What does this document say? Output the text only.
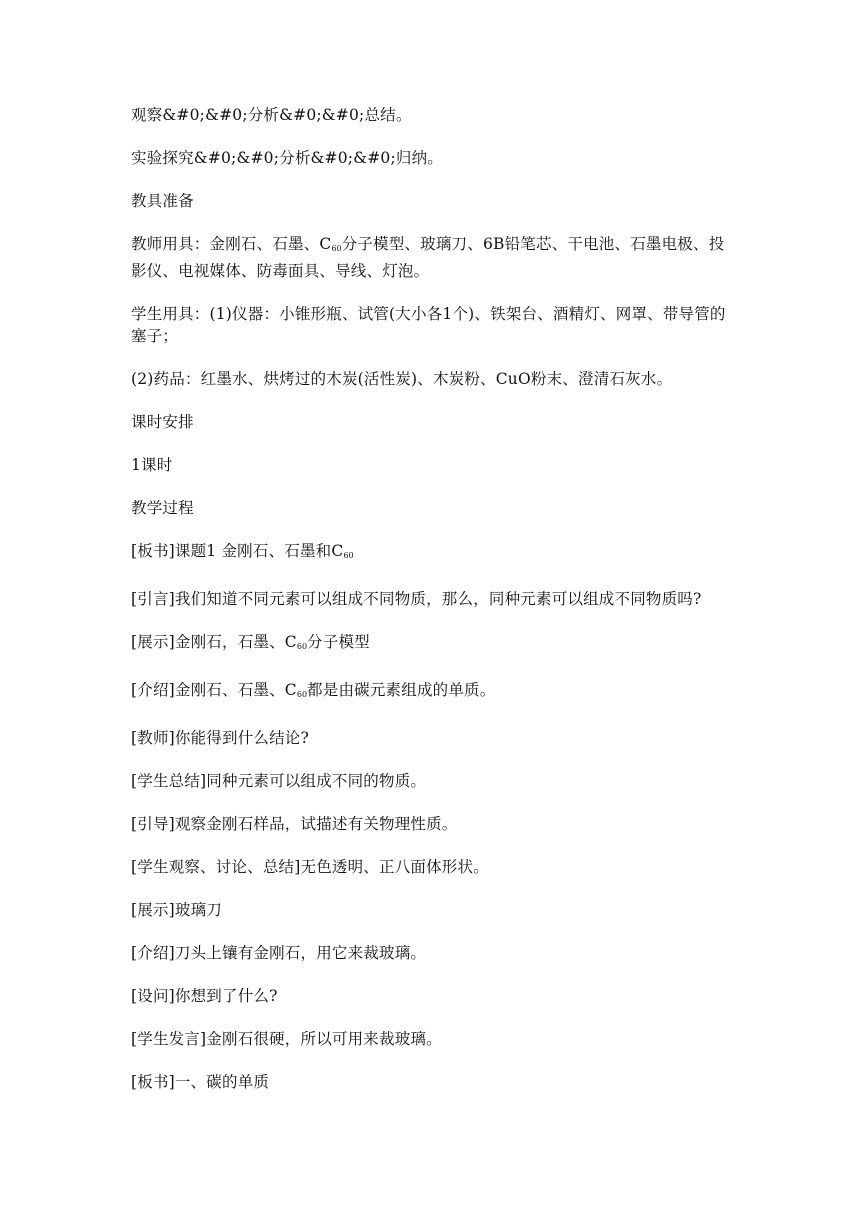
观察&#0;&#0;分析&#0;&#0;总结。

实验探究&#0;&#0;分析&#0;&#0;归纳。

教具准备

教师用具：金刚石、石墨、$C_{60}$分子模型、玻璃刀、6B铅笔芯、干电池、石墨电极、投影仪、电视媒体、防毒面具、导线、灯泡。

学生用具：(1)仪器：小锥形瓶、试管(大小各1个)、铁架台、酒精灯、网罩、带导管的塞子；

(2)药品：红墨水、烘烤过的木炭(活性炭)、木炭粉、CuO粉末、澄清石灰水。

课时安排

1课时

教学过程

[板书]课题1 金刚石、石墨和$C_{60}$

[引言]我们知道不同元素可以组成不同物质，那么，同种元素可以组成不同物质吗?

[展示]金刚石，石墨、$C_{60}$分子模型

[介绍]金刚石、石墨、$C_{60}$都是由碳元素组成的单质。

[教师]你能得到什么结论?

[学生总结]同种元素可以组成不同的物质。

[引导]观察金刚石样品，试描述有关物理性质。

[学生观察、讨论、总结]无色透明、正八面体形状。

[展示]玻璃刀

[介绍]刀头上镶有金刚石，用它来裁玻璃。

[设问]你想到了什么?

[学生发言]金刚石很硬，所以可用来裁玻璃。

[板书]一、碳的单质
